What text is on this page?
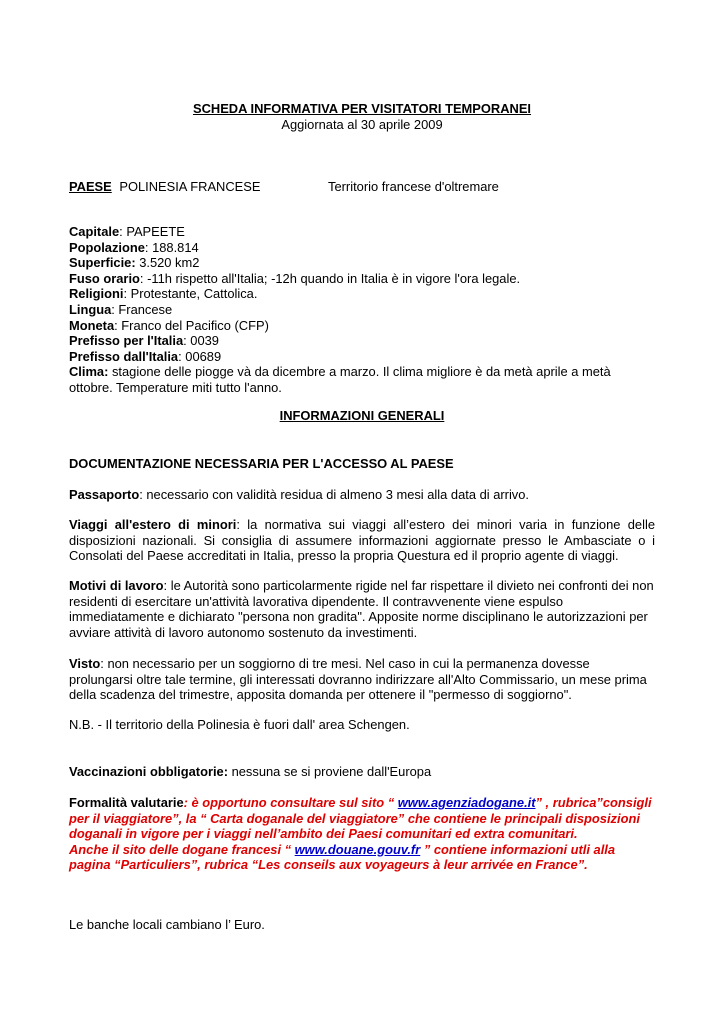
SCHEDA INFORMATIVA PER VISITATORI TEMPORANEI
Aggiornata al 30 aprile 2009
PAESE POLINESIA FRANCESE	Territorio francese d'oltremare
Capitale: PAPEETE
Popolazione: 188.814
Superficie: 3.520 km2
Fuso orario: -11h rispetto all'Italia; -12h quando in Italia è in vigore l'ora legale.
Religioni: Protestante, Cattolica.
Lingua: Francese
Moneta: Franco del Pacifico (CFP)
Prefisso per l'Italia: 0039
Prefisso dall'Italia: 00689
Clima: stagione delle piogge và da dicembre a marzo. Il clima migliore è da metà aprile a metà ottobre. Temperature miti tutto l'anno.
INFORMAZIONI GENERALI
DOCUMENTAZIONE NECESSARIA PER L'ACCESSO AL PAESE

Passaporto: necessario con validità residua di almeno 3 mesi alla data di arrivo.

Viaggi all'estero di minori: la normativa sui viaggi all’estero dei minori varia in funzione delle disposizioni nazionali. Si consiglia di assumere informazioni aggiornate presso le Ambasciate o i Consolati del Paese accreditati in Italia, presso la propria Questura ed il proprio agente di viaggi.

Motivi di lavoro: le Autorità sono particolarmente rigide nel far rispettare il divieto nei confronti dei non residenti di esercitare un'attività lavorativa dipendente. Il contravvenente viene espulso immediatamente e dichiarato "persona non gradita". Apposite norme disciplinano le autorizzazioni per avviare attività di lavoro autonomo sostenuto da investimenti.

Visto: non necessario per un soggiorno di tre mesi. Nel caso in cui la permanenza dovesse prolungarsi oltre tale termine, gli interessati dovranno indirizzare all'Alto Commissario, un mese prima della scadenza del trimestre, apposita domanda per ottenere il "permesso di soggiorno".

N.B. - Il territorio della Polinesia è fuori dall' area Schengen.

Vaccinazioni obbligatorie: nessuna se si proviene dall'Europa

Formalità valutarie: è opportuno consultare sul sito “ www.agenziadogane.it” , rubrica”consigli per il viaggiatore”, la “ Carta doganale del viaggiatore” che contiene le principali disposizioni doganali in vigore per i viaggi nell’ambito dei Paesi comunitari ed extra comunitari.
Anche il sito delle dogane francesi “ www.douane.gouv.fr ” contiene informazioni utli alla pagina “Particuliers”, rubrica “Les conseils aux voyageurs à leur arrivée en France”.

Le banche locali cambiano l’ Euro.
